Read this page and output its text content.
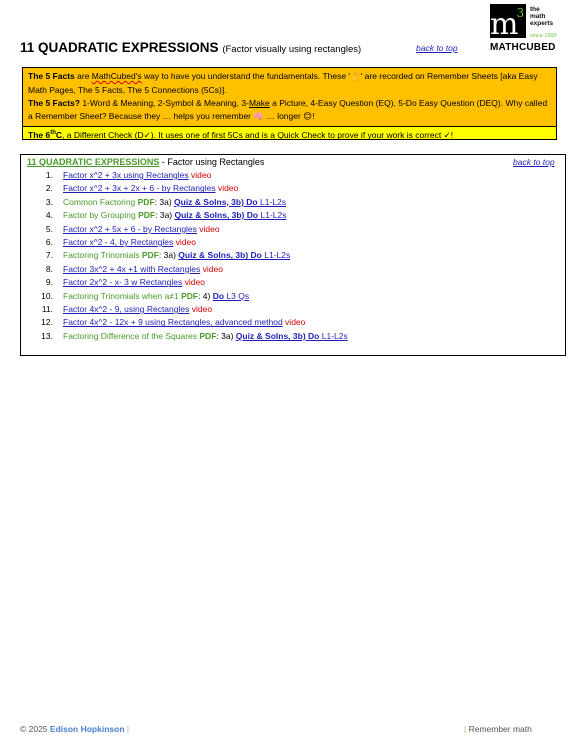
11 QUADRATIC EXPRESSIONS (Factor visually using rectangles)	back to top
$m^3$ the
math
experts
since 1993
MATHCUBED

The 5 Facts are MathCubed's way to have you understand the fundamentals. These '✋' are recorded on Remember Sheets [aka Easy Math Pages, The 5 Facts, The 5 Connections (5Cs)].

The 5 Facts? 1-Word & Meaning, 2-Symbol & Meaning, 3-Make a Picture, 4-Easy Question (EQ), 5-Do Easy Question (DEQ). Why called a Remember Sheet? Because they … helps you remember 🧠 … longer 😊!

The 6thC, a Different Check (D✓). It uses one of first 5Cs and is a Quick Check to prove if your work is correct ✓!
11 QUADRATIC EXPRESSIONS - Factor using Rectangles	back to top
1. Factor x^2 + 3x using Rectangles video
2. Factor x^2 + 3x + 2x + 6 - by Rectangles video
3. Common Factoring PDF: 3a) Quiz & Solns, 3b) Do L1-L2s
4. Factor by Grouping PDF: 3a) Quiz & Solns, 3b) Do L1-L2s
5. Factor x^2 + 5x + 6 - by Rectangles video
6. Factor x^2 - 4, by Rectangles video
7. Factoring Trinomials PDF: 3a) Quiz & Solns, 3b) Do L1-L2s
8. Factor 3x^2 + 4x +1 with Rectangles video
9. Factor 2x^2 - x- 3 w Rectangles video
10. Factoring Trinomials when a≠1 PDF: 4) Do L3 Qs
11. Factor 4x^2 - 9, using Rectangles video
12. Factor 4x^2 - 12x + 9 using Rectangles, advanced method video
13. Factoring Difference of the Squares PDF: 3a) Quiz & Solns, 3b) Do L1-L2s
© 2025 Edison Hopkinson |	| Remember math
